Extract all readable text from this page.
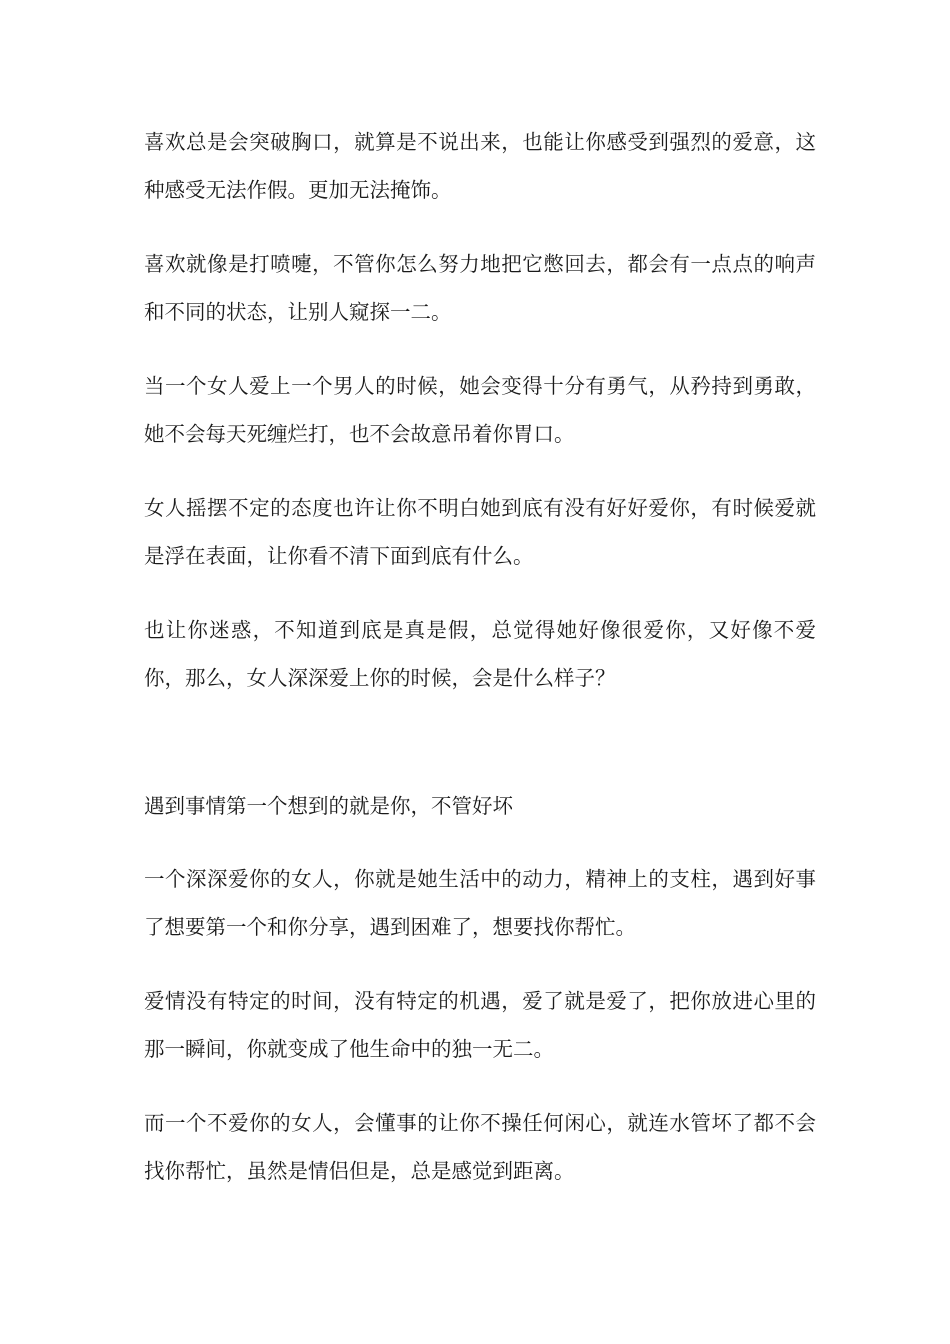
喜欢总是会突破胸口，就算是不说出来，也能让你感受到强烈的爱意，这种感受无法作假。更加无法掩饰。

喜欢就像是打喷嚏，不管你怎么努力地把它憋回去，都会有一点点的响声和不同的状态，让别人窥探一二。

当一个女人爱上一个男人的时候，她会变得十分有勇气，从矜持到勇敢，她不会每天死缠烂打，也不会故意吊着你胃口。

女人摇摆不定的态度也许让你不明白她到底有没有好好爱你，有时候爱就是浮在表面，让你看不清下面到底有什么。

也让你迷惑，不知道到底是真是假，总觉得她好像很爱你，又好像不爱你，那么，女人深深爱上你的时候，会是什么样子？

遇到事情第一个想到的就是你，不管好坏

一个深深爱你的女人，你就是她生活中的动力，精神上的支柱，遇到好事了想要第一个和你分享，遇到困难了，想要找你帮忙。

爱情没有特定的时间，没有特定的机遇，爱了就是爱了，把你放进心里的那一瞬间，你就变成了他生命中的独一无二。

而一个不爱你的女人，会懂事的让你不操任何闲心，就连水管坏了都不会找你帮忙，虽然是情侣但是，总是感觉到距离。
